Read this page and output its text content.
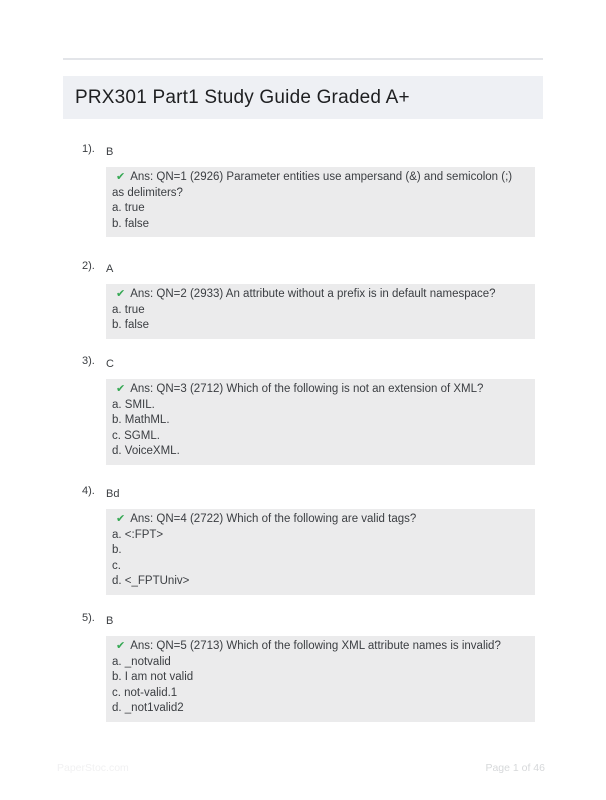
PRX301 Part1 Study Guide Graded A+
1).	B
✔ Ans: QN=1 (2926) Parameter entities use ampersand (&) and semicolon (;) as delimiters?
a. true
b. false
2).	A
✔ Ans: QN=2 (2933) An attribute without a prefix is in default namespace?
a. true
b. false
3).	C
✔ Ans: QN=3 (2712) Which of the following is not an extension of XML?
a. SMIL.
b. MathML.
c. SGML.
d. VoiceXML.
4).	Bd
✔ Ans: QN=4 (2722) Which of the following are valid tags?
a. <:FPT>
b.
c.
d. <_FPTUniv>
5).	B
✔ Ans: QN=5 (2713) Which of the following XML attribute names is invalid?
a. _notvalid
b. I am not valid
c. not-valid.1
d. _not1valid2
PaperStoc.com	Page 1 of 46
